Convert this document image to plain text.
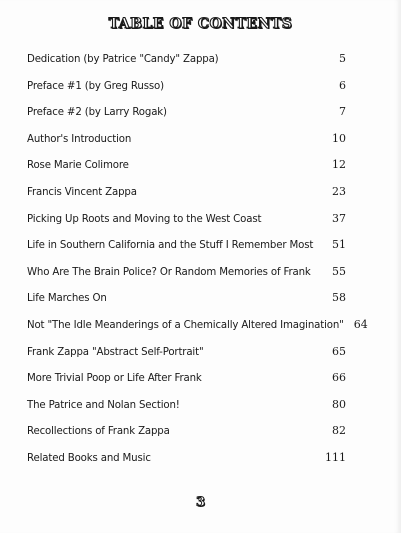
TABLE OF CONTENTS
Dedication (by Patrice "Candy" Zappa)	5
Preface #1 (by Greg Russo)	6
Preface #2 (by Larry Rogak)	7
Author's Introduction	10
Rose Marie Colimore	12
Francis Vincent Zappa	23
Picking Up Roots and Moving to the West Coast	37
Life in Southern California and the Stuff I Remember Most	51
Who Are The Brain Police? Or Random Memories of Frank	55
Life Marches On	58
Not "The Idle Meanderings of a Chemically Altered Imagination" 64
Frank Zappa "Abstract Self-Portrait"	65
More Trivial Poop or Life After Frank	66
The Patrice and Nolan Section!	80
Recollections of Frank Zappa	82
Related Books and Music	111
3
